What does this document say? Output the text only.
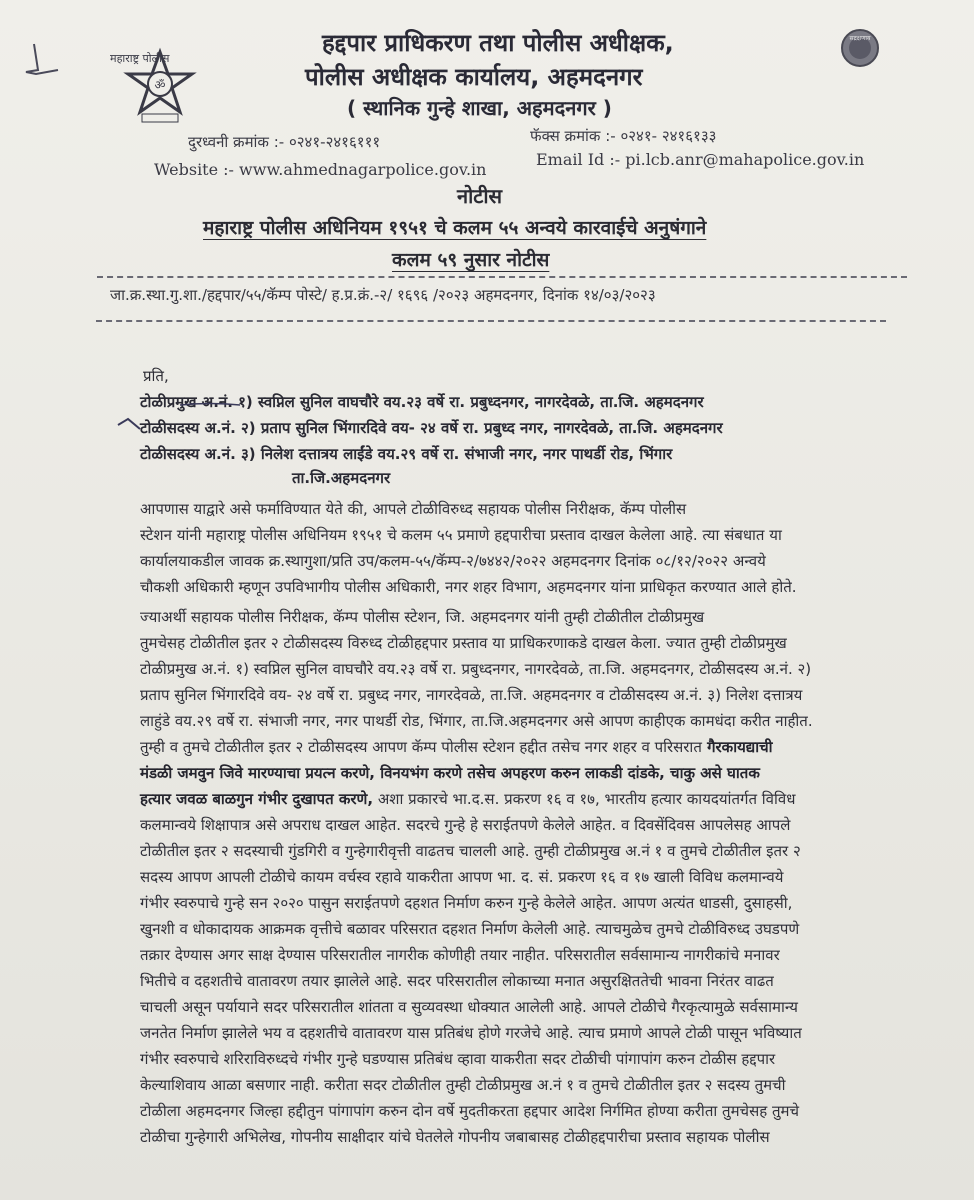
ॐ
महाराष्ट्र पोलीस
सद्रक्षणाय
हद्दपार प्राधिकरण तथा पोलीस अधीक्षक,
पोलीस अधीक्षक कार्यालय, अहमदनगर
( स्थानिक गुन्हे शाखा, अहमदनगर )
दुरध्वनी क्रमांक :- ०२४१-२४१६१११	फॅक्स क्रमांक :- ०२४१- २४१६१३३
Website :- www.ahmednagarpolice.gov.in
Email Id :- pi.lcb.anr@mahapolice.gov.in
नोटीस
महाराष्ट्र पोलीस अधिनियम १९५१ चे कलम ५५ अन्वये कारवाईचे अनुषंगाने
कलम ५९ नुसार नोटीस
जा.क्र.स्था.गु.शा./हद्दपार/५५/कॅम्प पोस्टे/ ह.प्र.क्रं.-२/ १६९६ /२०२३ अहमदनगर, दिनांक १४/०३/२०२३
प्रति,
टोळीप्रमुख अ.नं. १) स्वप्निल सुनिल वाघचौरे वय.२३ वर्षे रा. प्रबुध्दनगर, नागरदेवळे, ता.जि. अहमदनगर
टोळीसदस्य अ.नं. २) प्रताप सुनिल भिंगारदिवे वय- २४ वर्षे रा. प्रबुध्द नगर, नागरदेवळे, ता.जि. अहमदनगर
टोळीसदस्य अ.नं. ३) निलेश दत्तात्रय लाईंडे वय.२९ वर्षे रा. संभाजी नगर, नगर पाथर्डी रोड, भिंगार
ता.जि.अहमदनगर
आपणास याद्वारे असे फर्माविण्यात येते की, आपले टोळीविरुध्द सहायक पोलीस निरीक्षक, कॅम्प पोलीस
स्टेशन यांनी महाराष्ट्र पोलीस अधिनियम १९५१ चे कलम ५५ प्रमाणे हद्दपारीचा प्रस्ताव दाखल केलेला आहे. त्या संबधात या
कार्यालयाकडील जावक क्र.स्थागुशा/प्रति उप/कलम-५५/कॅम्प-२/७४४२/२०२२ अहमदनगर दिनांक ०८/१२/२०२२ अन्वये
चौकशी अधिकारी म्हणून उपविभागीय पोलीस अधिकारी, नगर शहर विभाग, अहमदनगर यांना प्राधिकृत करण्यात आले होते.
ज्याअर्थी सहायक पोलीस निरीक्षक, कॅम्प पोलीस स्टेशन, जि. अहमदनगर यांनी तुम्ही टोळीतील टोळीप्रमुख
तुमचेसह टोळीतील इतर २ टोळीसदस्य विरुध्द टोळीहद्दपार प्रस्ताव या प्राधिकरणाकडे दाखल केला. ज्यात तुम्ही टोळीप्रमुख
टोळीप्रमुख अ.नं. १) स्वप्निल सुनिल वाघचौरे वय.२३ वर्षे रा. प्रबुध्दनगर, नागरदेवळे, ता.जि. अहमदनगर, टोळीसदस्य अ.नं. २)
प्रताप सुनिल भिंगारदिवे वय- २४ वर्षे रा. प्रबुध्द नगर, नागरदेवळे, ता.जि. अहमदनगर व टोळीसदस्य अ.नं. ३) निलेश दत्तात्रय
लाहुंडे वय.२९ वर्षे रा. संभाजी नगर, नगर पाथर्डी रोड, भिंगार, ता.जि.अहमदनगर असे आपण काहीएक कामधंदा करीत नाहीत.
तुम्ही व तुमचे टोळीतील इतर २ टोळीसदस्य आपण कॅम्प पोलीस स्टेशन हद्दीत तसेच नगर शहर व परिसरात गैरकायद्याची
मंडळी जमवुन जिवे मारण्याचा प्रयत्न करणे, विनयभंग करणे तसेच अपहरण करुन लाकडी दांडके, चाकु असे घातक
हत्यार जवळ बाळगुन गंभीर दुखापत करणे, अशा प्रकारचे भा.द.स. प्रकरण १६ व १७, भारतीय हत्यार कायदयांतर्गत विविध
कलमान्वये शिक्षापात्र असे अपराध दाखल आहेत. सदरचे गुन्हे हे सराईतपणे केलेले आहेत. व दिवसेंदिवस आपलेसह आपले
टोळीतील इतर २ सदस्याची गुंडगिरी व गुन्हेगारीवृत्ती वाढतच चालली आहे. तुम्ही टोळीप्रमुख अ.नं १ व तुमचे टोळीतील इतर २
सदस्य आपण आपली टोळीचे कायम वर्चस्व रहावे याकरीता आपण भा. द. सं. प्रकरण १६ व १७ खाली विविध कलमान्वये
गंभीर स्वरुपाचे गुन्हे सन २०२० पासुन सराईतपणे दहशत निर्माण करुन गुन्हे केलेले आहेत. आपण अत्यंत धाडसी, दुसाहसी,
खुनशी व धोकादायक आक्रमक वृत्तीचे बळावर परिसरात दहशत निर्माण केलेली आहे. त्याचमुळेच तुमचे टोळीविरुध्द उघडपणे
तक्रार देण्यास अगर साक्ष देण्यास परिसरातील नागरीक कोणीही तयार नाहीत. परिसरातील सर्वसामान्य नागरीकांचे मनावर
भितीचे व दहशतीचे वातावरण तयार झालेले आहे. सदर परिसरातील लोकाच्या मनात असुरक्षिततेची भावना निरंतर वाढत
चाचली असून पर्यायाने सदर परिसरातील शांतता व सुव्यवस्था धोक्यात आलेली आहे. आपले टोळीचे गैरकृत्यामुळे सर्वसामान्य
जनतेत निर्माण झालेले भय व दहशतीचे वातावरण यास प्रतिबंध होणे गरजेचे आहे. त्याच प्रमाणे आपले टोळी पासून भविष्यात
गंभीर स्वरुपाचे शरिराविरुध्दचे गंभीर गुन्हे घडण्यास प्रतिबंध व्हावा याकरीता सदर टोळीची पांगापांग करुन टोळीस हद्दपार
केल्याशिवाय आळा बसणार नाही. करीता सदर टोळीतील तुम्ही टोळीप्रमुख अ.नं १ व तुमचे टोळीतील इतर २ सदस्य तुमची
टोळीला अहमदनगर जिल्हा हद्दीतुन पांगापांग करुन दोन वर्षे मुदतीकरता हद्दपार आदेश निर्गमित होण्या करीता तुमचेसह तुमचे
टोळीचा गुन्हेगारी अभिलेख, गोपनीय साक्षीदार यांचे घेतलेले गोपनीय जबाबासह टोळीहद्दपारीचा प्रस्ताव सहायक पोलीस
